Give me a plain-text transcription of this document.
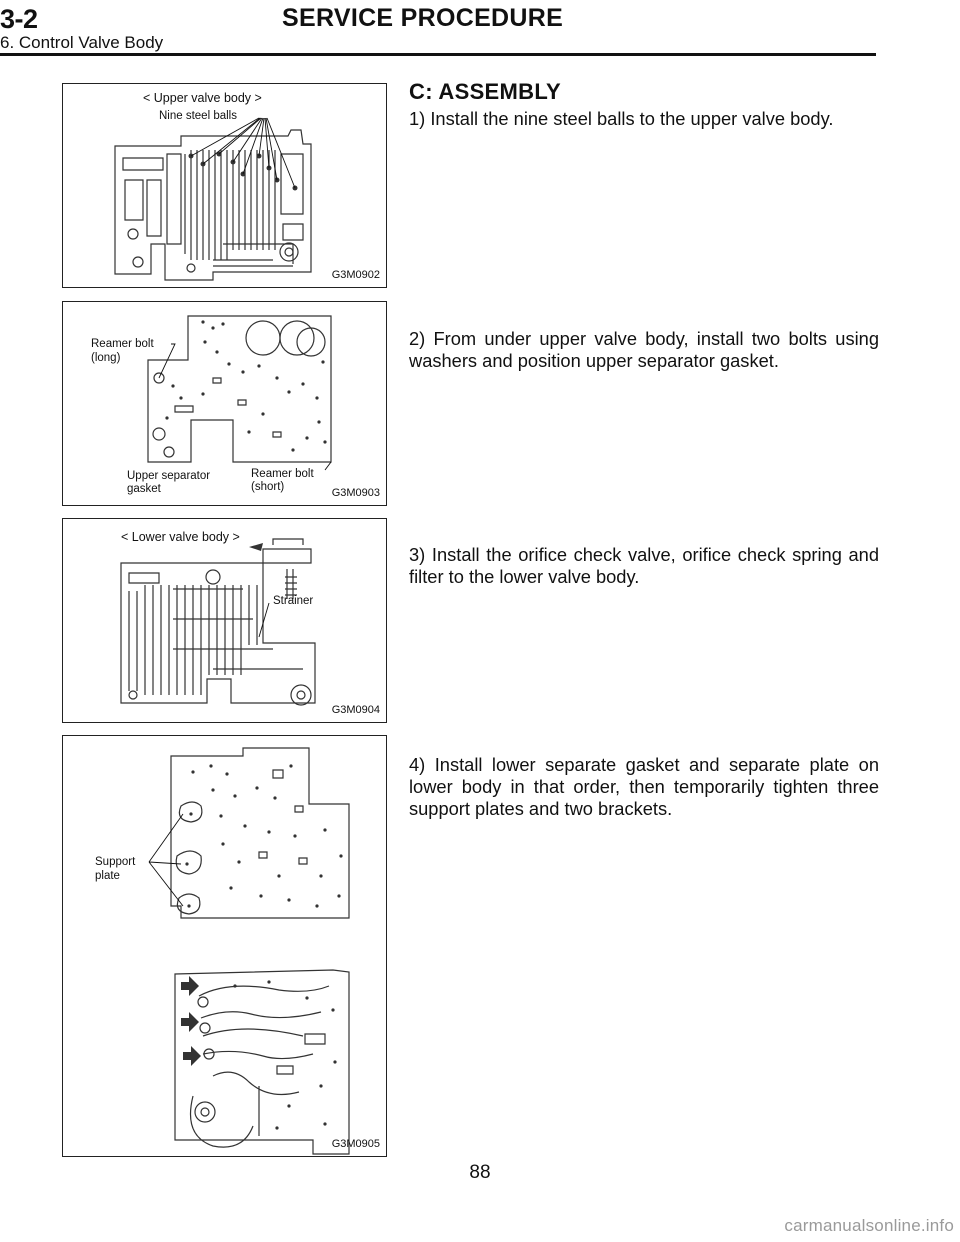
3-2	SERVICE PROCEDURE
6. Control Valve Body
< Upper valve body >
Nine steel balls
G3M0902
Reamer bolt
(long)
Upper separator
gasket
Reamer bolt
(short)	G3M0903
< Lower valve body >
Strainer
G3M0904
Support
plate
G3M0905
C: ASSEMBLY
1) Install the nine steel balls to the upper valve body.
2) From under upper valve body, install two bolts using washers and position upper separator gasket.
3) Install the orifice check valve, orifice check spring and filter to the lower valve body.
4) Install lower separate gasket and separate plate on lower body in that order, then temporarily tighten three support plates and two brackets.
88
carmanualsonline.info
